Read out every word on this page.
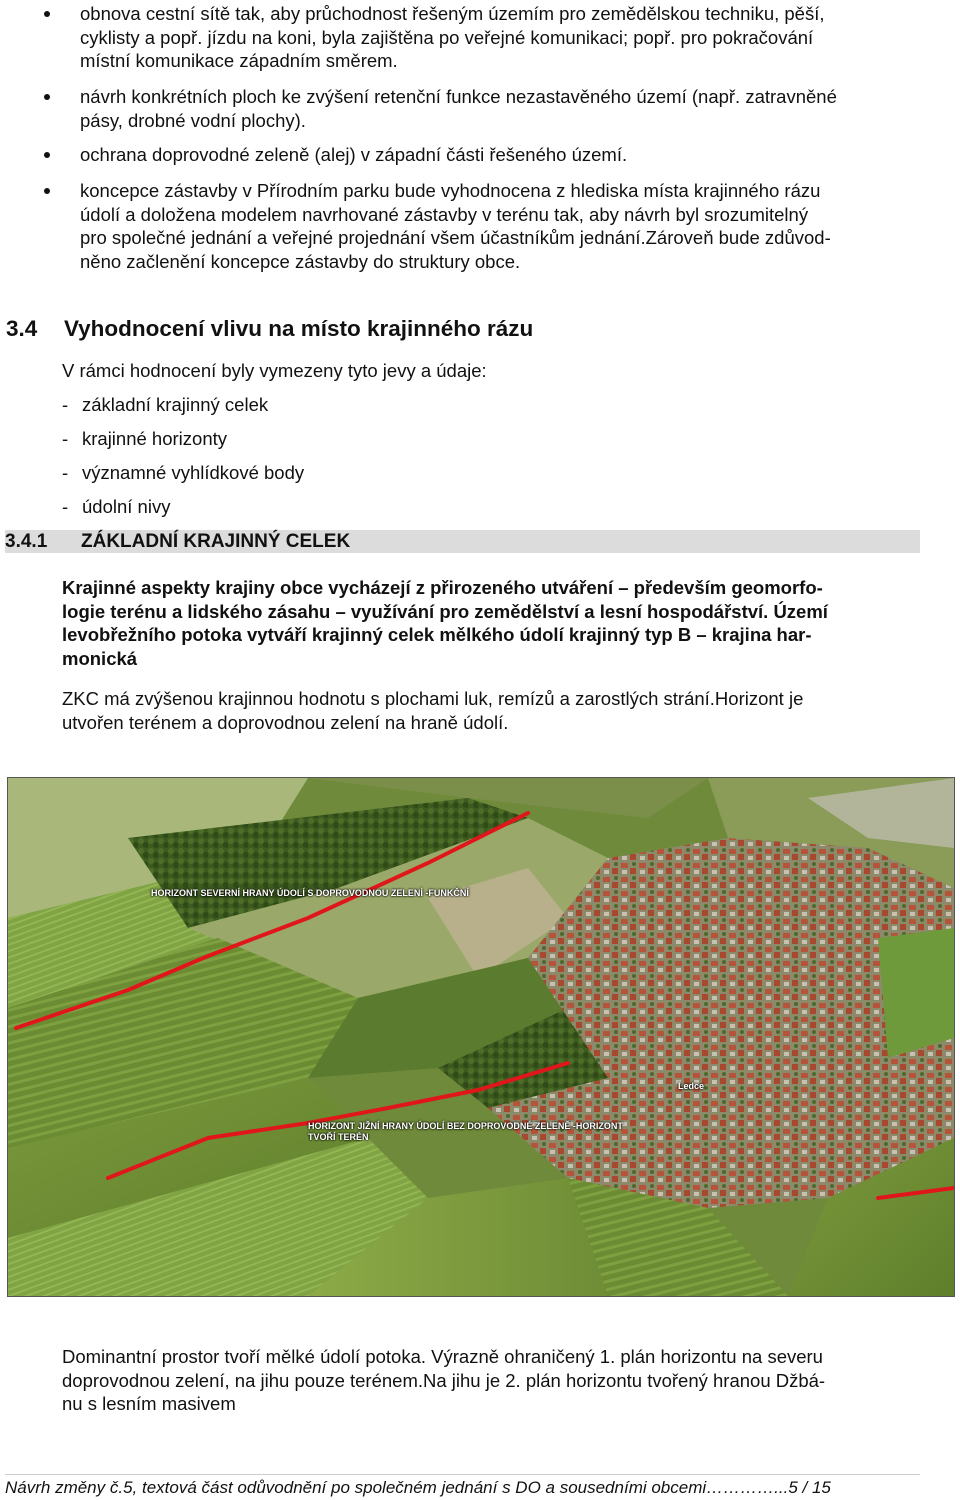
obnova cestní sítě tak, aby průchodnost řešeným územím pro zemědělskou techniku, pěší,
cyklisty a popř. jízdu na koni, byla zajištěna po veřejné komunikaci; popř. pro pokračování
místní komunikace západním směrem.
návrh konkrétních ploch ke zvýšení retenční funkce nezastavěného území (např. zatravněné
pásy, drobné vodní plochy).
ochrana doprovodné zeleně (alej) v západní části řešeného území.
koncepce zástavby v Přírodním parku bude vyhodnocena z hlediska místa krajinného rázu
údolí a doložena modelem navrhované zástavby v terénu tak, aby návrh byl srozumitelný
pro společné jednání a veřejné projednání všem účastníkům jednání.Zároveň bude zdůvod-
něno začlenění koncepce zástavby do struktury obce.
3.4 Vyhodnocení vlivu na místo krajinného rázu
V rámci hodnocení byly vymezeny tyto jevy a údaje:
- základní krajinný celek
- krajinné horizonty
- významné vyhlídkové body
- údolní nivy
3.4.1 ZÁKLADNÍ KRAJINNÝ CELEK
Krajinné aspekty krajiny obce vycházejí z přirozeného utváření – především geomorfo-
logie terénu a lidského zásahu – využívání pro zemědělství a lesní hospodářství. Území
levobřežního potoka vytváří krajinný celek mělkého údolí krajinný typ B – krajina har-
monická
ZKC má zvýšenou krajinnou hodnotu s plochami luk, remízů a zarostlých strání.Horizont je
utvořen terénem a doprovodnou zelení na hraně údolí.
HORIZONT SEVERNÍ HRANY ÚDOLÍ S DOPROVODNOU ZELENÍ -FUNKČNÍ
HORIZONT JIŽNÍ HRANY ÚDOLÍ BEZ DOPROVODNÉ ZELENĚ -HORIZONT
TVOŘÍ TERÉN
Ledce
Dominantní prostor tvoří mělké údolí potoka. Výrazně ohraničený 1. plán horizontu na severu
doprovodnou zelení, na jihu pouze terénem.Na jihu je 2. plán horizontu tvořený hranou Džbá-
nu s lesním masivem
Návrh změny č.5, textová část odůvodnění po společném jednání s DO a sousedními obcemi…………...5 / 15
